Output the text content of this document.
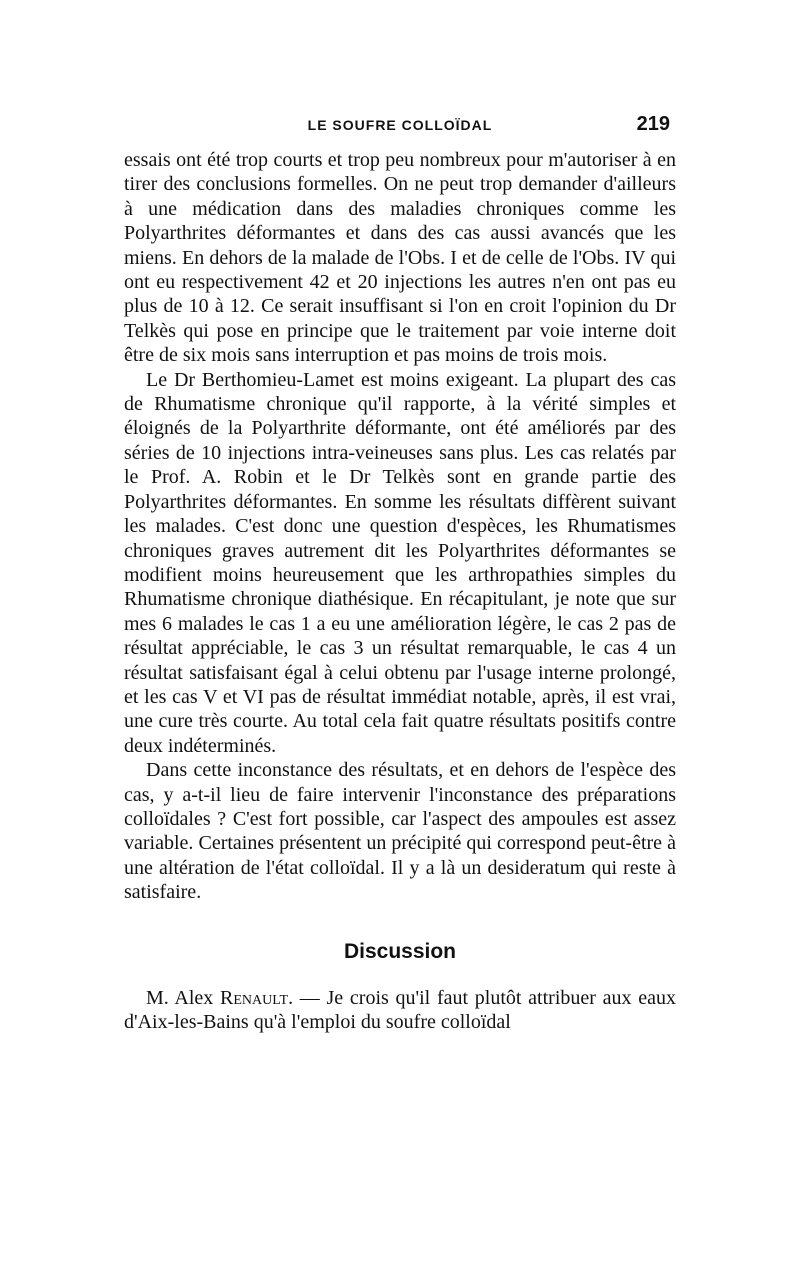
LE SOUFRE COLLOÏDAL	219

essais ont été trop courts et trop peu nombreux pour m'autoriser à en tirer des conclusions formelles. On ne peut trop demander d'ailleurs à une médication dans des maladies chroniques comme les Polyarthrites déformantes et dans des cas aussi avancés que les miens. En dehors de la malade de l'Obs. I et de celle de l'Obs. IV qui ont eu respectivement 42 et 20 injections les autres n'en ont pas eu plus de 10 à 12. Ce serait insuffisant si l'on en croit l'opinion du Dr Telkès qui pose en principe que le traitement par voie interne doit être de six mois sans interruption et pas moins de trois mois.

Le Dr Berthomieu-Lamet est moins exigeant. La plupart des cas de Rhumatisme chronique qu'il rapporte, à la vérité simples et éloignés de la Polyarthrite déformante, ont été améliorés par des séries de 10 injections intra-veineuses sans plus. Les cas relatés par le Prof. A. Robin et le Dr Telkès sont en grande partie des Polyarthrites déformantes. En somme les résultats diffèrent suivant les malades. C'est donc une question d'espèces, les Rhumatismes chroniques graves autrement dit les Polyarthrites déformantes se modifient moins heureusement que les arthropathies simples du Rhumatisme chronique diathésique. En récapitulant, je note que sur mes 6 malades le cas 1 a eu une amélioration légère, le cas 2 pas de résultat appréciable, le cas 3 un résultat remarquable, le cas 4 un résultat satisfaisant égal à celui obtenu par l'usage interne prolongé, et les cas V et VI pas de résultat immédiat notable, après, il est vrai, une cure très courte. Au total cela fait quatre résultats positifs contre deux indéterminés.

Dans cette inconstance des résultats, et en dehors de l'espèce des cas, y a-t-il lieu de faire intervenir l'inconstance des préparations colloïdales ? C'est fort possible, car l'aspect des ampoules est assez variable. Certaines présentent un précipité qui correspond peut-être à une altération de l'état colloïdal. Il y a là un desideratum qui reste à satisfaire.

Discussion

M. Alex Renault. — Je crois qu'il faut plutôt attribuer aux eaux d'Aix-les-Bains qu'à l'emploi du soufre colloïdal
